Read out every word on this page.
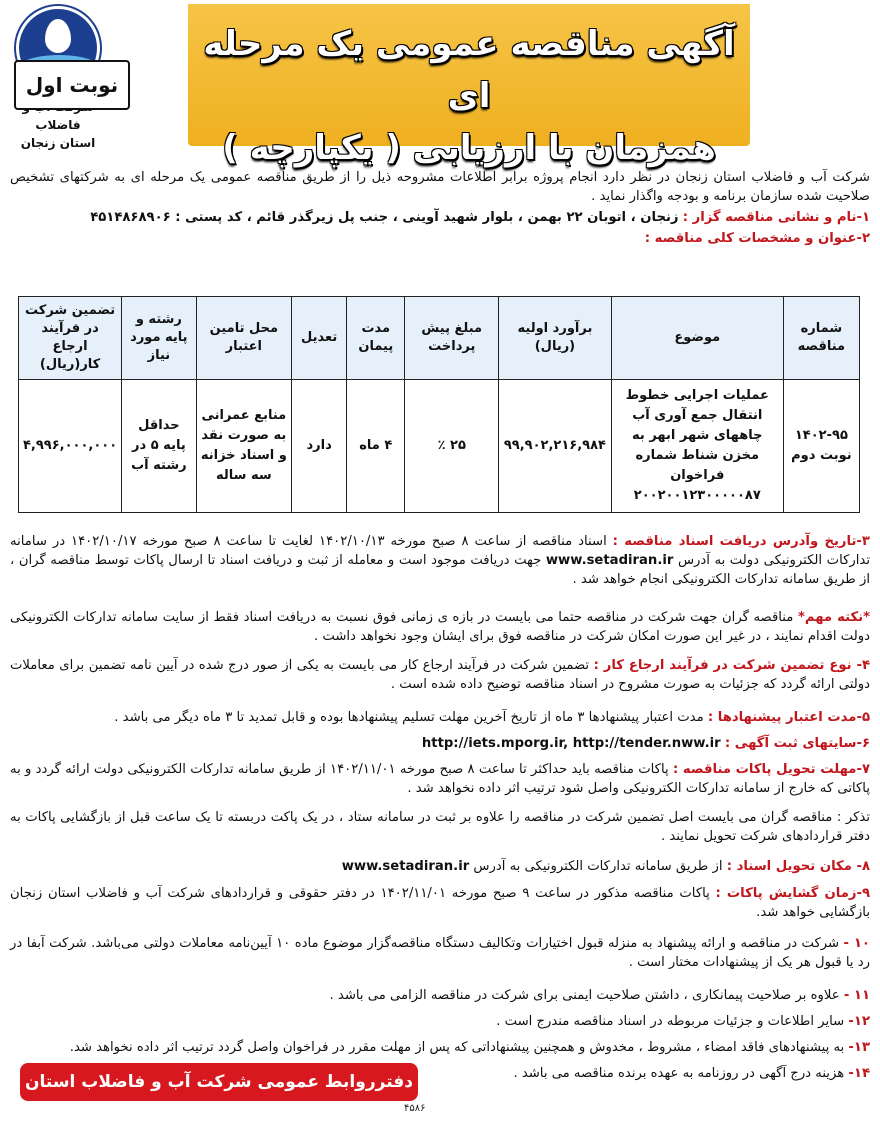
فاضلاب
استان زنجان
آگهی مناقصه عمومی یک مرحله ای
همزمان با ارزیابی ( یکپارچه )
نوبت اول
شرکت آب و فاضلاب استان زنجان در نظر دارد انجام پروژه برابر اطلاعات مشروحه ذیل را از طریق مناقصه عمومی یک مرحله ای به شرکتهای تشخیص صلاحیت شده سازمان برنامه و بودجه واگذار نماید .
۱-نام و نشانی مناقصه گزار : زنجان ، اتوبان ۲۲ بهمن ، بلوار شهید آوینی ، جنب پل زیرگذر قائم ، کد پستی : ۴۵۱۴۸۶۸۹۰۶
۲-عنوان و مشخصات کلی مناقصه :
شماره مناقصه	موضوع	برآورد اولیه (ریال)	مبلغ پیش پرداخت	مدت پیمان	تعدیل	محل تامین اعتبار	رشته و پایه مورد نیاز	تضمین شرکت در فرآیند ارجاع کار(ریال)
۱۴۰۲-۹۵ نوبت دوم	عملیات اجرایی خطوط انتقال جمع آوری آب چاههای شهر ابهر به مخزن شناط شماره فراخوان ۲۰۰۲۰۰۱۲۳۰۰۰۰۰۸۷	۹۹,۹۰۲,۲۱۶,۹۸۴	۲۵ ٪	۴ ماه	دارد	منابع عمرانی به صورت نقد و اسناد خزانه سه ساله	حداقل پایه ۵ در رشته آب	۴,۹۹۶,۰۰۰,۰۰۰
۳-تاریخ وآدرس دریافت اسناد مناقصه : اسناد مناقصه از ساعت ۸ صبح مورخه ۱۴۰۲/۱۰/۱۳ لغایت تا ساعت ۸ صبح مورخه ۱۴۰۲/۱۰/۱۷ در سامانه تدارکات الکترونیکی دولت به آدرس www.setadiran.ir جهت دریافت موجود است و معامله از ثبت و دریافت اسناد تا ارسال پاکات توسط مناقصه گران ، از طریق سامانه تدارکات الکترونیکی انجام خواهد شد .
*نکته مهم* مناقصه گران جهت شرکت در مناقصه حتما می بایست در بازه ی زمانی فوق نسبت به دریافت اسناد فقط از سایت سامانه تدارکات الکترونیکی دولت اقدام نمایند ، در غیر این صورت امکان شرکت در مناقصه فوق برای ایشان وجود نخواهد داشت .
۴- نوع تضمین شرکت در فرآیند ارجاع کار : تضمین شرکت در فرآیند ارجاع کار می بایست به یکی از صور درج شده در آیین نامه تضمین برای معاملات دولتی ارائه گردد که جزئیات به صورت مشروح در اسناد مناقصه توضیح داده شده است .
۵-مدت اعتبار پیشنهادها : مدت اعتبار پیشنهادها ۳ ماه از تاریخ آخرین مهلت تسلیم پیشنهادها بوده و قابل تمدید تا ۳ ماه دیگر می باشد .
۶-سایتهای ثبت آگهی : http://iets.mporg.ir, http://tender.nww.ir
۷-مهلت تحویل پاکات مناقصه : پاکات مناقصه باید حداکثر تا ساعت ۸ صبح مورخه ۱۴۰۲/۱۱/۰۱ از طریق سامانه تدارکات الکترونیکی دولت ارائه گردد و به پاکاتی که خارج از سامانه تدارکات الکترونیکی واصل شود ترتیب اثر داده نخواهد شد .
تذکر : مناقصه گران می بایست اصل تضمین شرکت در مناقصه را علاوه بر ثبت در سامانه ستاد ، در یک پاکت دربسته تا یک ساعت قبل از بازگشایی پاکات به دفتر قراردادهای شرکت تحویل نمایند .
۸- مکان تحویل اسناد : از طریق سامانه تدارکات الکترونیکی به آدرس www.setadiran.ir
۹-زمان گشایش پاکات : پاکات مناقصه مذکور در ساعت ۹ صبح مورخه ۱۴۰۲/۱۱/۰۱ در دفتر حقوقی و قراردادهای شرکت آب و فاضلاب استان زنجان بازگشایی خواهد شد.
۱۰ - شرکت در مناقصه و ارائه پیشنهاد به منزله قبول اختیارات وتکالیف دستگاه مناقصه‌گزار موضوع ماده ۱۰ آیین‌نامه معاملات دولتی می‌باشد. شرکت آبفا در رد یا قبول هر یک از پیشنهادات مختار است .
۱۱ - علاوه بر صلاحیت پیمانکاری ، داشتن صلاحیت ایمنی برای شرکت در مناقصه الزامی می باشد .
۱۲- سایر اطلاعات و جزئیات مربوطه در اسناد مناقصه مندرج است .
۱۳- به پیشنهادهای فاقد امضاء ، مشروط ، مخدوش و همچنین پیشنهاداتی که پس از مهلت مقرر در فراخوان واصل گردد ترتیب اثر داده نخواهد شد.
۱۴- هزینه درج آگهی در روزنامه به عهده برنده مناقصه می باشد .
دفترروابط عمومی شرکت آب و فاضلاب استان زنجان
۴۵۸۶
